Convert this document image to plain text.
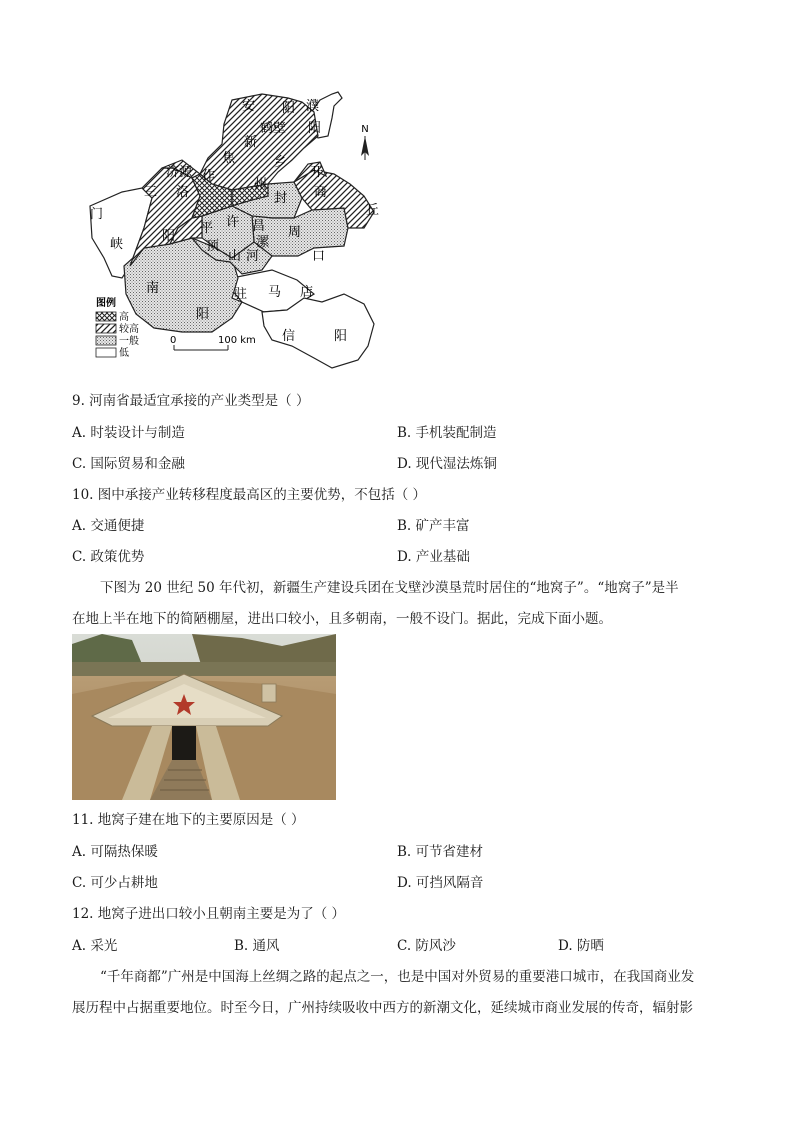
N
安 阳 濮
阳
鹤壁
新
乡
焦
作
济源
洛
阳
三
门
峡
州
开
封 商
丘
许 昌
平
顶
山
漯
河
周
口
南
阳
驻 马 店
信	阳
图例
高
较高
一般
低
0	100 km
9. 河南省最适宜承接的产业类型是（ ）
A. 时装设计与制造	B. 手机装配制造
C. 国际贸易和金融	D. 现代湿法炼铜
10. 图中承接产业转移程度最高区的主要优势，不包括（ ）
A. 交通便捷	B. 矿产丰富
C. 政策优势	D. 产业基础
下图为 20 世纪 50 年代初，新疆生产建设兵团在戈壁沙漠垦荒时居住的“地窝子”。“地窝子”是半
在地上半在地下的简陋棚屋，进出口较小，且多朝南，一般不设门。据此，完成下面小题。
11. 地窝子建在地下的主要原因是（ ）
A. 可隔热保暖	B. 可节省建材
C. 可少占耕地	D. 可挡风隔音
12. 地窝子进出口较小且朝南主要是为了（ ）
A. 采光	B. 通风	C. 防风沙	D. 防晒
“千年商都”广州是中国海上丝绸之路的起点之一，也是中国对外贸易的重要港口城市，在我国商业发
展历程中占据重要地位。时至今日，广州持续吸收中西方的新潮文化，延续城市商业发展的传奇，辐射影
